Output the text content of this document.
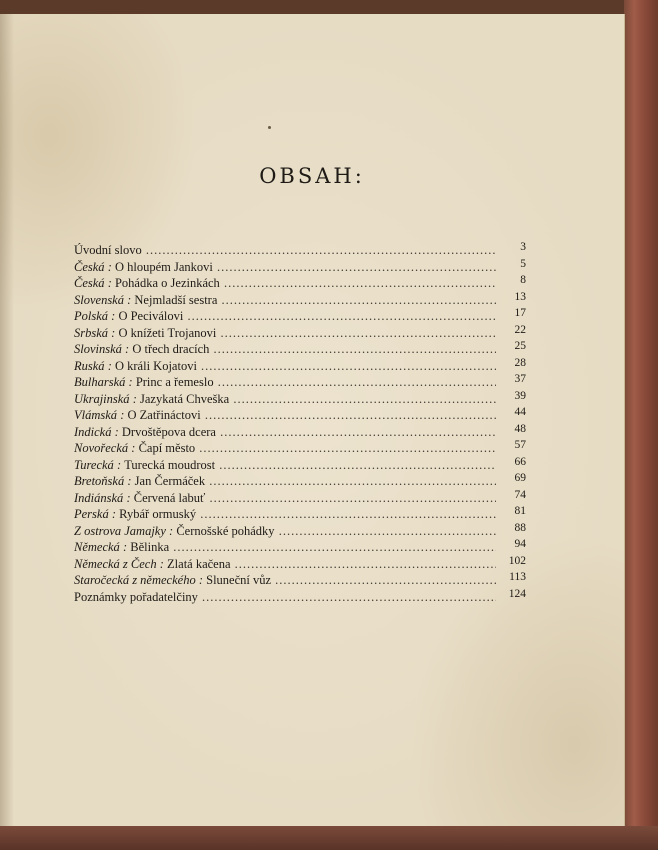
OBSAH:
Úvodní slovo .....	3
Česká : O hloupém Jankovi .....	5
Česká : Pohádka o Jezinkách .....	8
Slovenská : Nejmladší sestra .....	13
Polská : O Peciválovi .....	17
Srbská : O knížeti Trojanovi .....	22
Slovinská : O třech dracích .....	25
Ruská : O králi Kojatovi .....	28
Bulharská : Princ a řemeslo .....	37
Ukrajinská : Jazykatá Chveška .....	39
Vlámská : O Zatřináctovi .....	44
Indická : Drvoštěpova dcera .....	48
Novořecká : Čapí město .....	57
Turecká : Turecká moudrost .....	66
Bretoňská : Jan Čermáček .....	69
Indiánská : Červená labuť .....	74
Perská : Rybář ormuský .....	81
Z ostrova Jamajky : Černošské pohádky .....	88
Německá : Bělinka .....	94
Německá z Čech : Zlatá kačena .....	102
Staročecká z německého : Sluneční vůz .....	113
Poznámky pořadatelčiny .....	124
